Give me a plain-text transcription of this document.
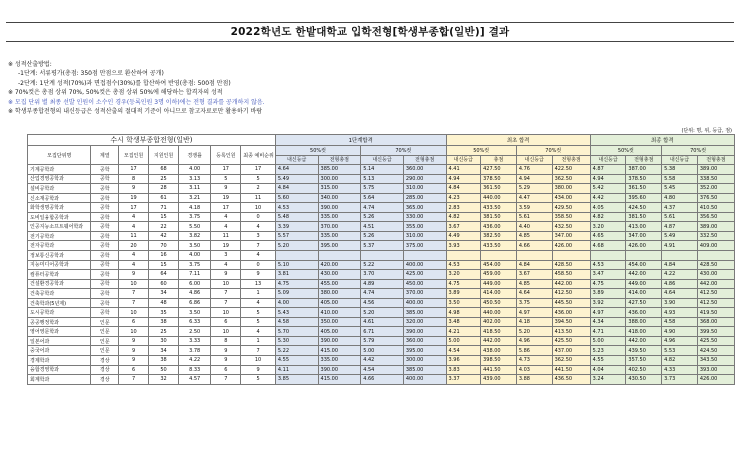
2022학년도 한밭대학교 입학전형[학생부종합(일반)] 결과
※ 성적산출방법:
-1단계: 서류평가(총점: 350점 만점으로 환산하여 공개)
-2단계: 1단계 성적(70%)과 면접점수(30%)를 합산하여 반영(총점: 500점 만점)
※ 70%컷은 총점 상위 70%, 50%컷은 총점 상위 50%에 해당하는 합격자의 성적
※ 모집 단위 별 최종 선발 인원이 소수인 경우(등록인원 3명 이하)에는 전형 결과를 공개하지 않음.
※ 학생부종합전형의 내신등급은 성적산출의 절대적 기준이 아니므로 참고자료로만 활용하기 바람
(단위: 명, 위, 등급, 점)
수시 학생부종합전형(일반)							1단계합격				최초 합격				최종 합격			
모집단위명	계열	모집인원	지원인원	경쟁률	등록인원	최종 예비순위	50%컷		70%컷		50%컷		70%컷		50%컷		70%컷	
							내신등급	전형총점	내신등급	전형총점	내신등급	총점	내신등급	전형총점	내신등급	전형총점	내신등급	전형총점
기계공학과	공학	17	68	4.00	17	17	4.64	385.00	5.14	360.00	4.41	427.50	4.76	422.50	4.87	387.00	5.38	389.00
산업경영공학과	공학	8	25	3.13	5	5	5.49	300.00	5.13	290.00	4.94	378.50	4.94	362.50	4.94	378.50	5.58	338.50
설비공학과	공학	9	28	3.11	9	2	4.84	315.00	5.75	310.00	4.84	361.50	5.29	380.00	5.42	361.50	5.45	352.00
신소재공학과	공학	19	61	3.21	19	11	5.60	340.00	5.64	285.00	4.23	440.00	4.47	434.00	4.42	395.60	4.80	376.50
화학생명공학과	공학	17	71	4.18	17	10	4.53	390.00	4.74	365.00	2.83	433.50	3.59	429.50	4.05	424.50	4.37	410.50
도비일융합공학과	공학	4	15	3.75	4	0	5.48	335.00	5.26	330.00	4.82	381.50	5.61	358.50	4.82	381.50	5.61	356.50
인공지능소프트웨어학과	공학	4	22	5.50	4	4	3.39	370.00	4.51	355.00	3.67	436.00	4.40	432.50	3.20	413.00	4.87	389.00
전기공학과	공학	11	42	3.82	11	3	5.57	335.00	5.26	310.00	4.49	382.50	4.85	347.00	4.65	347.00	5.49	332.50
전자공학과	공학	20	70	3.50	19	7	5.20	395.00	5.37	375.00	3.93	433.50	4.66	426.00	4.68	426.00	4.91	409.00
정보통신공학과	공학	4	16	4.00	3	4												
지능미디어공학과	공학	4	15	3.75	4	0	5.10	420.00	5.22	400.00	4.53	454.00	4.84	428.50	4.53	454.00	4.84	428.50
컴퓨터공학과	공학	9	64	7.11	9	9	3.81	430.00	3.70	425.00	3.20	459.00	3.67	458.50	3.47	442.00	4.22	430.00
건설환경공학과	공학	10	60	6.00	10	13	4.75	455.00	4.89	450.00	4.75	449.00	4.85	442.00	4.75	449.00	4.86	442.00
건축공학과	공학	7	34	4.86	7	1	5.09	380.00	4.74	370.00	3.89	414.00	4.64	412.50	3.89	414.00	4.64	412.50
건축학과(5년제)	공학	7	48	6.86	7	4	4.00	405.00	4.56	400.00	3.50	450.50	3.75	445.50	3.92	427.50	3.90	412.50
도시공학과	공학	10	35	3.50	10	5	5.43	410.00	5.20	385.00	4.98	440.00	4.97	436.00	4.97	436.00	4.93	419.50
공공행정학과	인문	6	38	6.33	6	5	4.58	350.00	4.61	320.00	3.48	402.00	4.18	394.50	4.34	388.00	4.58	368.00
영어영문학과	인문	10	25	2.50	10	4	5.70	405.00	6.71	390.00	4.21	418.50	5.20	413.50	4.71	418.00	4.90	399.50
일본어과	인문	9	30	3.33	8	1	5.30	390.00	5.79	360.00	5.00	442.00	4.96	425.50	5.00	442.00	4.96	425.50
중국어과	인문	9	34	3.78	9	7	5.22	415.00	5.00	395.00	4.54	438.00	5.86	437.00	5.23	439.50	5.53	424.50
경제학과	경상	9	38	4.22	9	10	4.55	335.00	4.42	300.00	3.96	398.50	4.73	362.50	4.55	357.50	4.82	343.50
융합경영학과	경상	6	50	8.33	6	9	4.11	390.00	4.54	385.00	3.83	441.50	4.03	441.50	4.04	402.50	4.33	393.00
회계학과	경상	7	32	4.57	7	5	3.85	415.00	4.66	400.00	3.37	439.00	3.88	436.50	3.24	430.50	3.73	426.00
